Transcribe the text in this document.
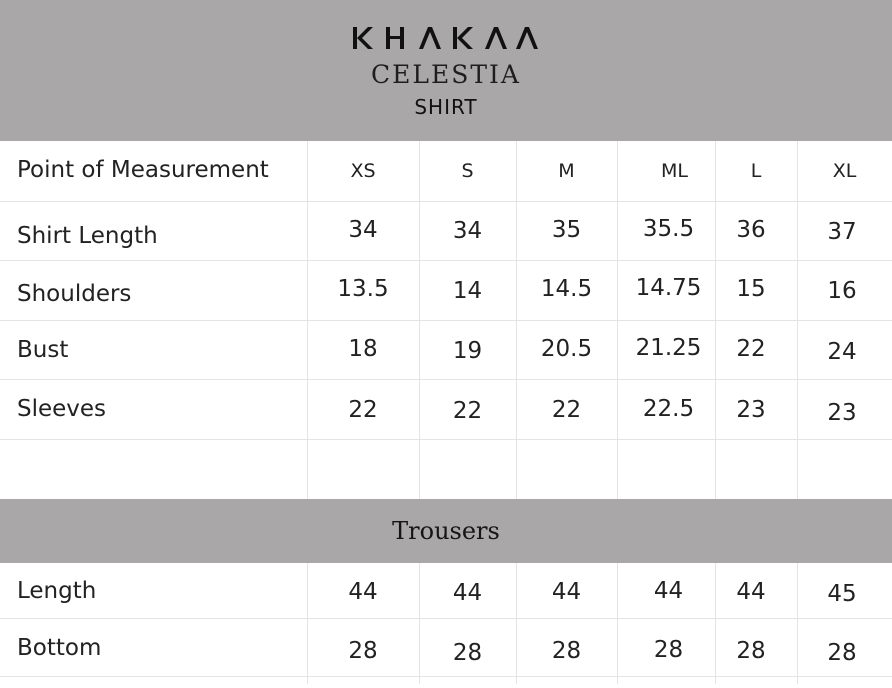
CELESTIA
SHIRT
Point of Measurement	XS	S	M	ML	L	XL
Shirt Length	34	34	35	35.5	36	37
Shoulders	13.5	14	14.5	14.75	15	16
Bust	18	19	20.5	21.25	22	24
Sleeves	22	22	22	22.5	23	23
Trousers
Length	44	44	44	44	44	45
Bottom	28	28	28	28	28	28
